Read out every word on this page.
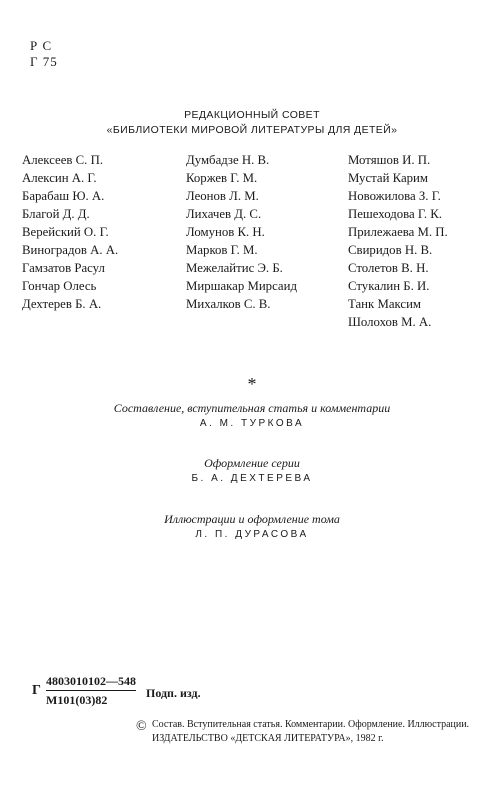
Р С
Г 75
РЕДАКЦИОННЫЙ СОВЕТ
«БИБЛИОТЕКИ МИРОВОЙ ЛИТЕРАТУРЫ ДЛЯ ДЕТЕЙ»
Алексеев С. П.
Алексин А. Г.
Барабаш Ю. А.
Благой Д. Д.
Верейский О. Г.
Виноградов А. А.
Гамзатов Расул
Гончар Олесь
Дехтерев Б. А.
Думбадзе Н. В.
Коржев Г. М.
Леонов Л. М.
Лихачев Д. С.
Ломунов К. Н.
Марков Г. М.
Межелайтис Э. Б.
Миршакар Мирсаид
Михалков С. В.
Мотяшов И. П.
Мустай Карим
Новожилова З. Г.
Пешеходова Г. К.
Прилежаева М. П.
Свиридов Н. В.
Столетов В. Н.
Стукалин Б. И.
Танк Максим
Шолохов М. А.
*
Составление, вступительная статья и комментарии
А. М. ТУРКОВА
Оформление серии
Б. А. ДЕХТЕРЕВА
Иллюстрации и оформление тома
Л. П. ДУРАСОВА
Г
4803010102—548
М101(03)82	Подп. изд.
© Состав. Вступительная статья. Комментарии. Оформление. Иллюстрации.
ИЗДАТЕЛЬСТВО «ДЕТСКАЯ ЛИТЕРАТУРА», 1982 г.
